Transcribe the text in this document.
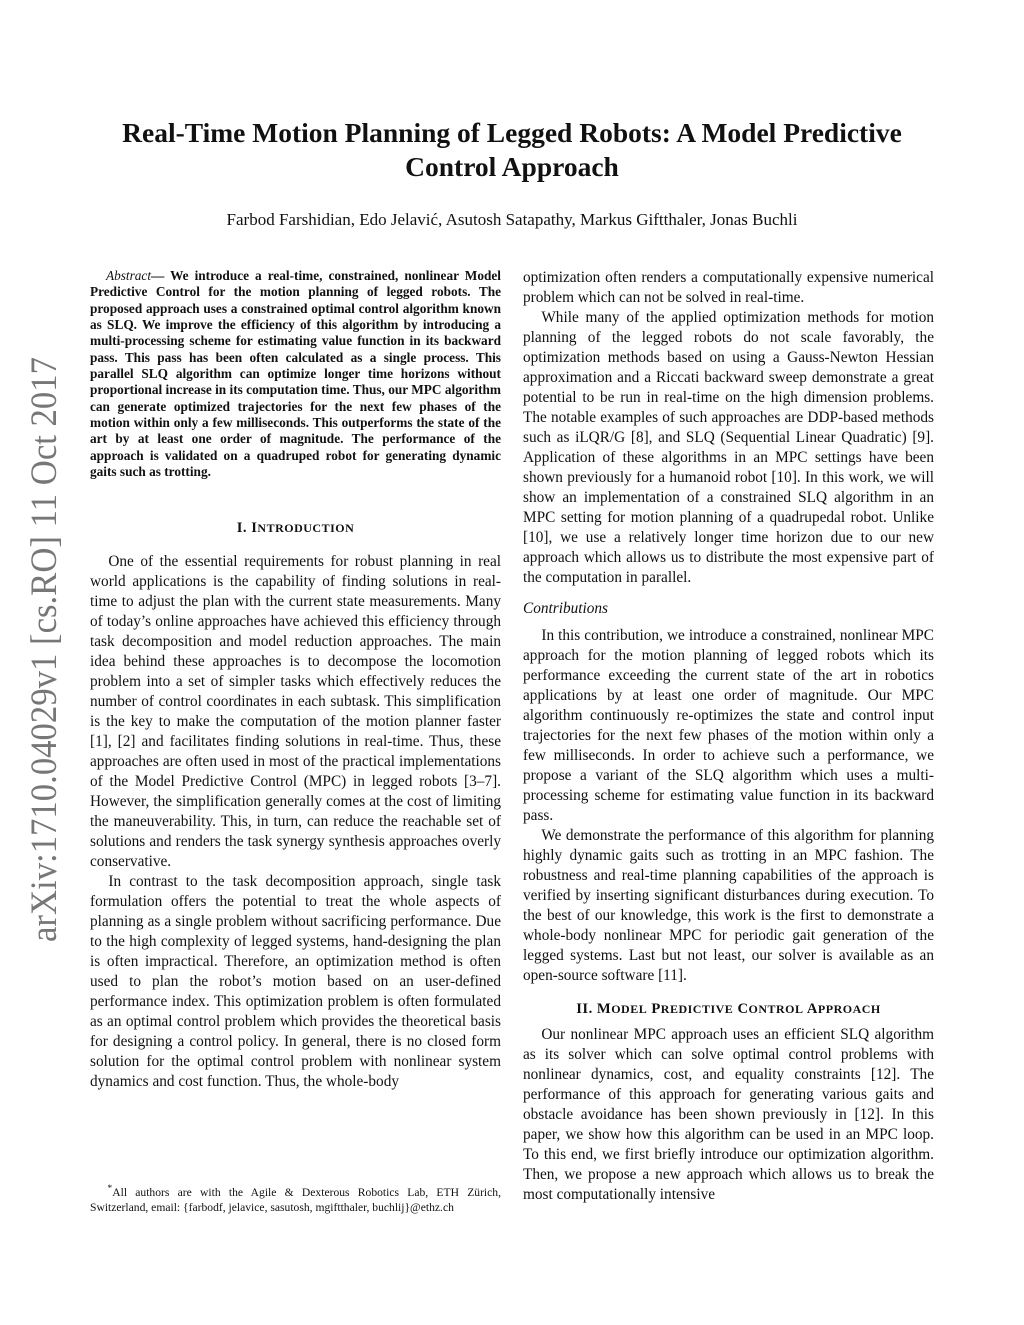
arXiv:1710.04029v1 [cs.RO] 11 Oct 2017
Real-Time Motion Planning of Legged Robots: A Model Predictive Control Approach

Farbod Farshidian, Edo Jelavić, Asutosh Satapathy, Markus Giftthaler, Jonas Buchli

Abstract— We introduce a real-time, constrained, nonlinear Model Predictive Control for the motion planning of legged robots. The proposed approach uses a constrained optimal control algorithm known as SLQ. We improve the efficiency of this algorithm by introducing a multi-processing scheme for estimating value function in its backward pass. This pass has been often calculated as a single process. This parallel SLQ algorithm can optimize longer time horizons without proportional increase in its computation time. Thus, our MPC algorithm can generate optimized trajectories for the next few phases of the motion within only a few milliseconds. This outperforms the state of the art by at least one order of magnitude. The performance of the approach is validated on a quadruped robot for generating dynamic gaits such as trotting.

I. INTRODUCTION

One of the essential requirements for robust planning in real world applications is the capability of finding solutions in real-time to adjust the plan with the current state measurements. Many of today’s online approaches have achieved this efficiency through task decomposition and model reduction approaches. The main idea behind these approaches is to decompose the locomotion problem into a set of simpler tasks which effectively reduces the number of control coordinates in each subtask. This simplification is the key to make the computation of the motion planner faster [1], [2] and facilitates finding solutions in real-time. Thus, these approaches are often used in most of the practical implementations of the Model Predictive Control (MPC) in legged robots [3–7]. However, the simplification generally comes at the cost of limiting the maneuverability. This, in turn, can reduce the reachable set of solutions and renders the task synergy synthesis approaches overly conservative.

In contrast to the task decomposition approach, single task formulation offers the potential to treat the whole aspects of planning as a single problem without sacrificing performance. Due to the high complexity of legged systems, hand-designing the plan is often impractical. Therefore, an optimization method is often used to plan the robot’s motion based on an user-defined performance index. This optimization problem is often formulated as an optimal control problem which provides the theoretical basis for designing a control policy. In general, there is no closed form solution for the optimal control problem with nonlinear system dynamics and cost function. Thus, the whole-body

optimization often renders a computationally expensive numerical problem which can not be solved in real-time.

While many of the applied optimization methods for motion planning of the legged robots do not scale favorably, the optimization methods based on using a Gauss-Newton Hessian approximation and a Riccati backward sweep demonstrate a great potential to be run in real-time on the high dimension problems. The notable examples of such approaches are DDP-based methods such as iLQR/G [8], and SLQ (Sequential Linear Quadratic) [9]. Application of these algorithms in an MPC settings have been shown previously for a humanoid robot [10]. In this work, we will show an implementation of a constrained SLQ algorithm in an MPC setting for motion planning of a quadrupedal robot. Unlike [10], we use a relatively longer time horizon due to our new approach which allows us to distribute the most expensive part of the computation in parallel.

Contributions

In this contribution, we introduce a constrained, nonlinear MPC approach for the motion planning of legged robots which its performance exceeding the current state of the art in robotics applications by at least one order of magnitude. Our MPC algorithm continuously re-optimizes the state and control input trajectories for the next few phases of the motion within only a few milliseconds. In order to achieve such a performance, we propose a variant of the SLQ algorithm which uses a multi-processing scheme for estimating value function in its backward pass.

We demonstrate the performance of this algorithm for planning highly dynamic gaits such as trotting in an MPC fashion. The robustness and real-time planning capabilities of the approach is verified by inserting significant disturbances during execution. To the best of our knowledge, this work is the first to demonstrate a whole-body nonlinear MPC for periodic gait generation of the legged systems. Last but not least, our solver is available as an open-source software [11].

II. MODEL PREDICTIVE CONTROL APPROACH

Our nonlinear MPC approach uses an efficient SLQ algorithm as its solver which can solve optimal control problems with nonlinear dynamics, cost, and equality constraints [12]. The performance of this approach for generating various gaits and obstacle avoidance has been shown previously in [12]. In this paper, we show how this algorithm can be used in an MPC loop. To this end, we first briefly introduce our optimization algorithm. Then, we propose a new approach which allows us to break the most computationally intensive

*All authors are with the Agile & Dexterous Robotics Lab, ETH Zürich, Switzerland, email: {farbodf, jelavice, sasutosh, mgiftthaler, buchlij}@ethz.ch
